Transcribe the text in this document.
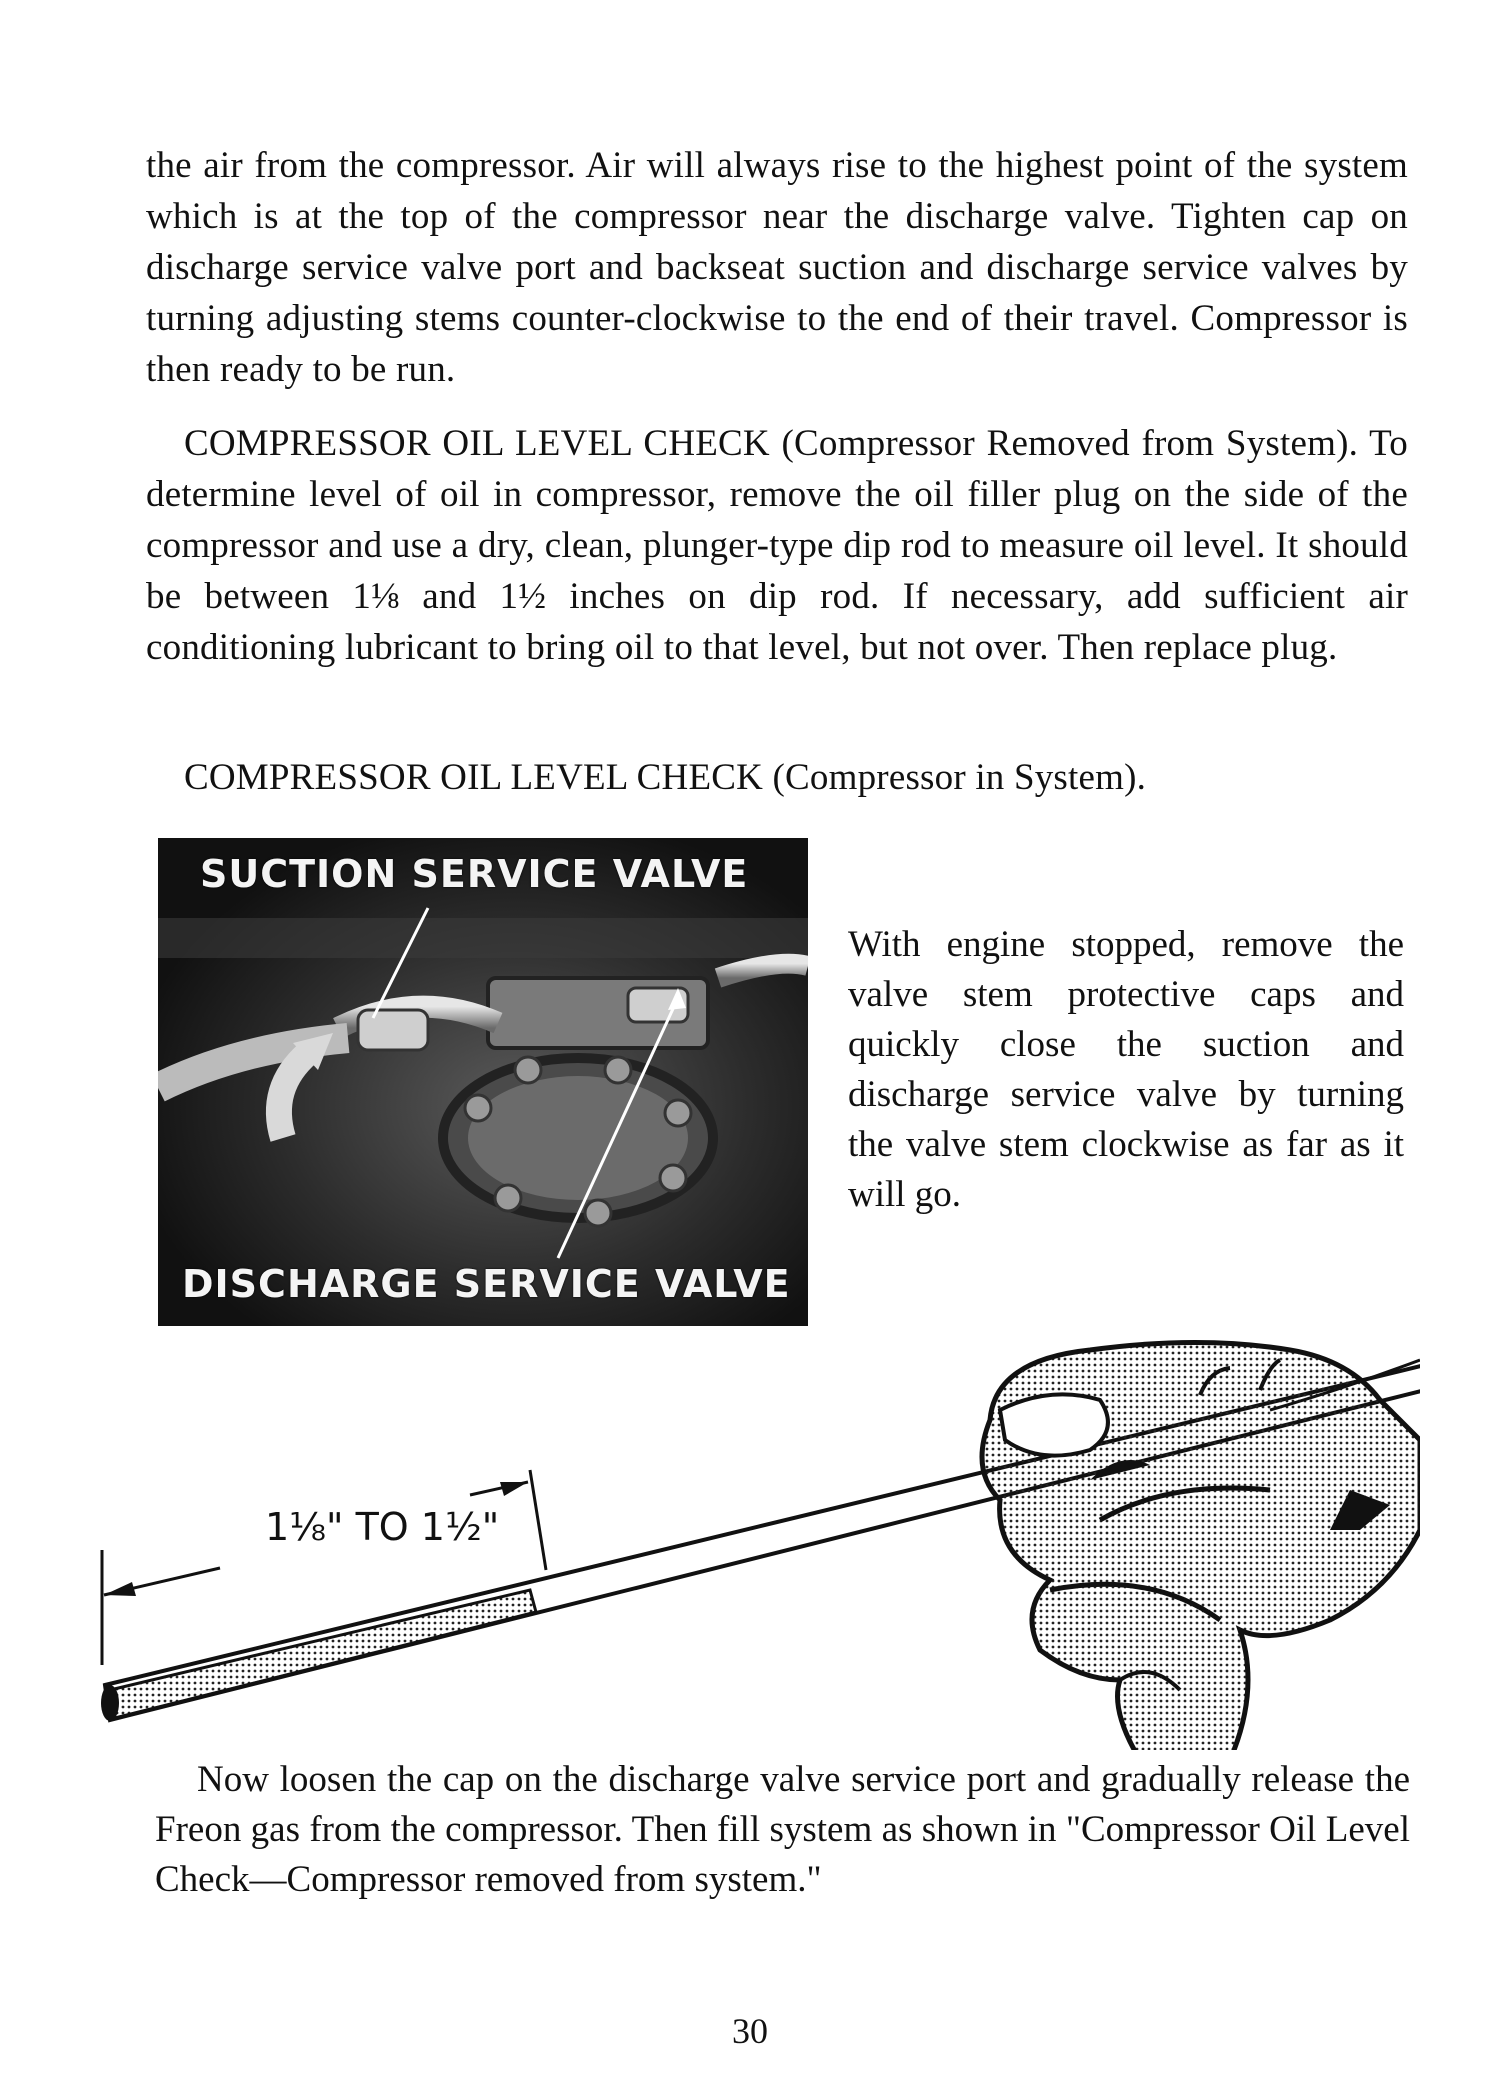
the air from the compressor. Air will always rise to the highest point of the system which is at the top of the compressor near the discharge valve. Tighten cap on discharge service valve port and backseat suction and discharge service valves by turning adjusting stems counter-clockwise to the end of their travel. Compressor is then ready to be run.

COMPRESSOR OIL LEVEL CHECK (Compressor Removed from System). To determine level of oil in compressor, remove the oil filler plug on the side of the compressor and use a dry, clean, plunger-type dip rod to measure oil level. It should be between 1⅛ and 1½ inches on dip rod. If necessary, add sufficient air conditioning lubricant to bring oil to that level, but not over. Then replace plug.

COMPRESSOR OIL LEVEL CHECK (Compressor in System).

SUCTION SERVICE VALVE
DISCHARGE SERVICE VALVE

With engine stopped, remove the valve stem protective caps and quickly close the suction and discharge service valve by turning the valve stem clockwise as far as it will go.

1⅛" TO 1½"

Now loosen the cap on the discharge valve service port and gradually release the Freon gas from the compressor. Then fill system as shown in "Compressor Oil Level Check—Compressor removed from system."

30
